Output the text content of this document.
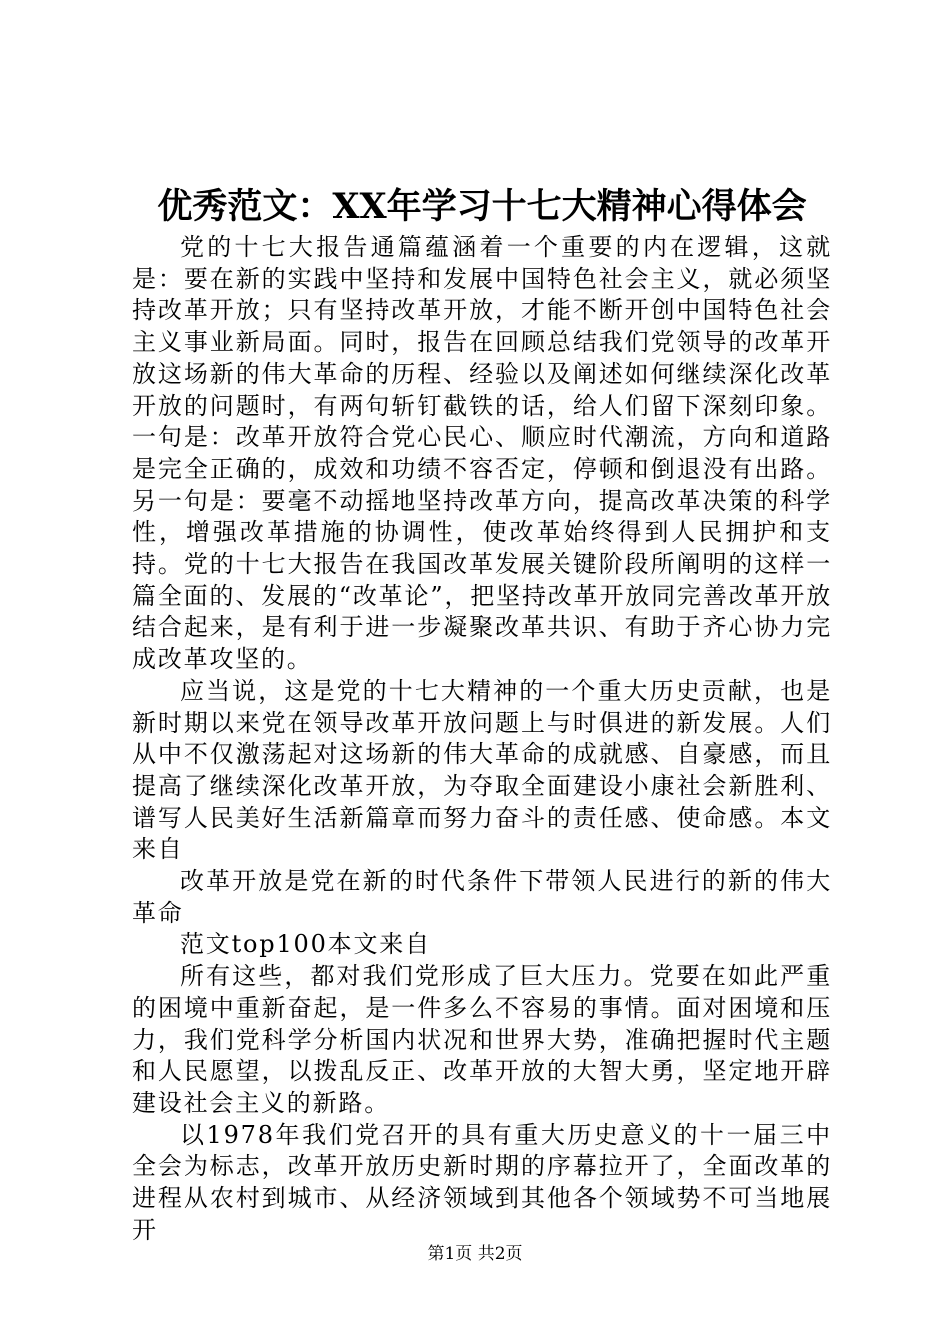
优秀范文：XX年学习十七大精神心得体会

党的十七大报告通篇蕴涵着一个重要的内在逻辑，这就是：要在新的实践中坚持和发展中国特色社会主义，就必须坚持改革开放；只有坚持改革开放，才能不断开创中国特色社会主义事业新局面。同时，报告在回顾总结我们党领导的改革开放这场新的伟大革命的历程、经验以及阐述如何继续深化改革开放的问题时，有两句斩钉截铁的话，给人们留下深刻印象。一句是：改革开放符合党心民心、顺应时代潮流，方向和道路是完全正确的，成效和功绩不容否定，停顿和倒退没有出路。另一句是：要毫不动摇地坚持改革方向，提高改革决策的科学性，增强改革措施的协调性，使改革始终得到人民拥护和支持。党的十七大报告在我国改革发展关键阶段所阐明的这样一篇全面的、发展的“改革论”，把坚持改革开放同完善改革开放结合起来，是有利于进一步凝聚改革共识、有助于齐心协力完成改革攻坚的。

应当说，这是党的十七大精神的一个重大历史贡献，也是新时期以来党在领导改革开放问题上与时俱进的新发展。人们从中不仅激荡起对这场新的伟大革命的成就感、自豪感，而且提高了继续深化改革开放，为夺取全面建设小康社会新胜利、谱写人民美好生活新篇章而努力奋斗的责任感、使命感。本文来自

改革开放是党在新的时代条件下带领人民进行的新的伟大革命

范文top100本文来自

所有这些，都对我们党形成了巨大压力。党要在如此严重的困境中重新奋起，是一件多么不容易的事情。面对困境和压力，我们党科学分析国内状况和世界大势，准确把握时代主题和人民愿望，以拨乱反正、改革开放的大智大勇，坚定地开辟建设社会主义的新路。

以1978年我们党召开的具有重大历史意义的十一届三中全会为标志，改革开放历史新时期的序幕拉开了，全面改革的进程从农村到城市、从经济领域到其他各个领域势不可当地展开

第1页 共2页
